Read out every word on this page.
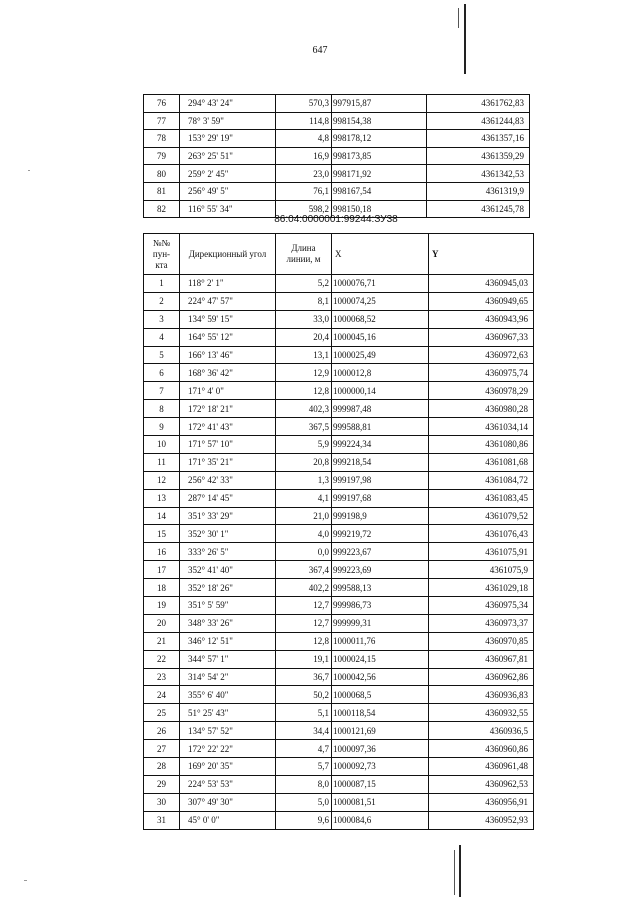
647
76	294° 43' 24"	570,3	997915,87	4361762,83
77	78° 3' 59"	114,8	998154,38	4361244,83
78	153° 29' 19"	4,8	998178,12	4361357,16
79	263° 25' 51"	16,9	998173,85	4361359,29
80	259° 2' 45"	23,0	998171,92	4361342,53
81	256° 49' 5"	76,1	998167,54	4361319,9
82	116° 55' 34"	598,2	998150,18	4361245,78
86:04:0000001:99244:ЗУ38
№№ пун- кта	Дирекционный угол	Длина линии, м	X	Y
1	118° 2' 1"	5,2	1000076,71	4360945,03
2	224° 47' 57"	8,1	1000074,25	4360949,65
3	134° 59' 15"	33,0	1000068,52	4360943,96
4	164° 55' 12"	20,4	1000045,16	4360967,33
5	166° 13' 46"	13,1	1000025,49	4360972,63
6	168° 36' 42"	12,9	1000012,8	4360975,74
7	171° 4' 0"	12,8	1000000,14	4360978,29
8	172° 18' 21"	402,3	999987,48	4360980,28
9	172° 41' 43"	367,5	999588,81	4361034,14
10	171° 57' 10"	5,9	999224,34	4361080,86
11	171° 35' 21"	20,8	999218,54	4361081,68
12	256° 42' 33"	1,3	999197,98	4361084,72
13	287° 14' 45"	4,1	999197,68	4361083,45
14	351° 33' 29"	21,0	999198,9	4361079,52
15	352° 30' 1"	4,0	999219,72	4361076,43
16	333° 26' 5"	0,0	999223,67	4361075,91
17	352° 41' 40"	367,4	999223,69	4361075,9
18	352° 18' 26"	402,2	999588,13	4361029,18
19	351° 5' 59"	12,7	999986,73	4360975,34
20	348° 33' 26"	12,7	999999,31	4360973,37
21	346° 12' 51"	12,8	1000011,76	4360970,85
22	344° 57' 1"	19,1	1000024,15	4360967,81
23	314° 54' 2"	36,7	1000042,56	4360962,86
24	355° 6' 40"	50,2	1000068,5	4360936,83
25	51° 25' 43"	5,1	1000118,54	4360932,55
26	134° 57' 52"	34,4	1000121,69	4360936,5
27	172° 22' 22"	4,7	1000097,36	4360960,86
28	169° 20' 35"	5,7	1000092,73	4360961,48
29	224° 53' 53"	8,0	1000087,15	4360962,53
30	307° 49' 30"	5,0	1000081,51	4360956,91
31	45° 0' 0"	9,6	1000084,6	4360952,93
